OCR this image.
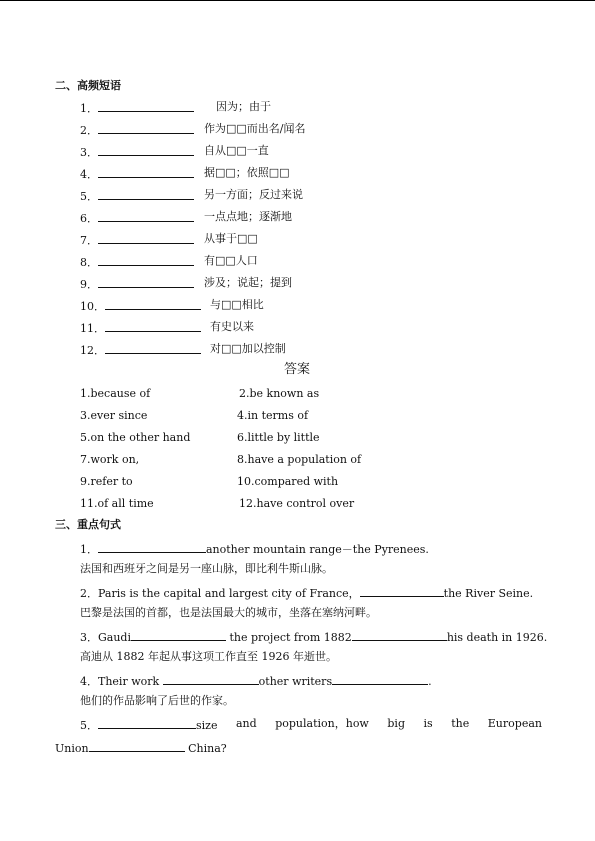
二、高频短语
1．	因为；由于
2．	作为□□而出名/闻名
3．	自从□□一直
4．	据□□；依照□□
5．	另一方面；反过来说
6．	一点点地；逐渐地
7．	从事于□□
8．	有□□人口
9．	涉及；说起；提到
10．	与□□相比
11．	有史以来
12．	对□□加以控制
答案
1.because of	2.be known as
3.ever since	4.in terms of
5.on the other hand	6.little by little
7.work on,	8.have a population of
9.refer to	10.compared with
11.of all time	12.have control over
三、重点句式
1．	another mountain range－the Pyrenees.
法国和西班牙之间是另一座山脉，即比利牛斯山脉。
2．Paris is the capital and largest city of France，	the River Seine.
巴黎是法国的首都，也是法国最大的城市，坐落在塞纳河畔。
3．Gaudi	the project from 1882	his death in 1926.
高迪从 1882 年起从事这项工作直至 1926 年逝世。
4．Their work	other writers	.
他们的作品影响了后世的作家。
5．	size and population，how big is the European
Union	China?
